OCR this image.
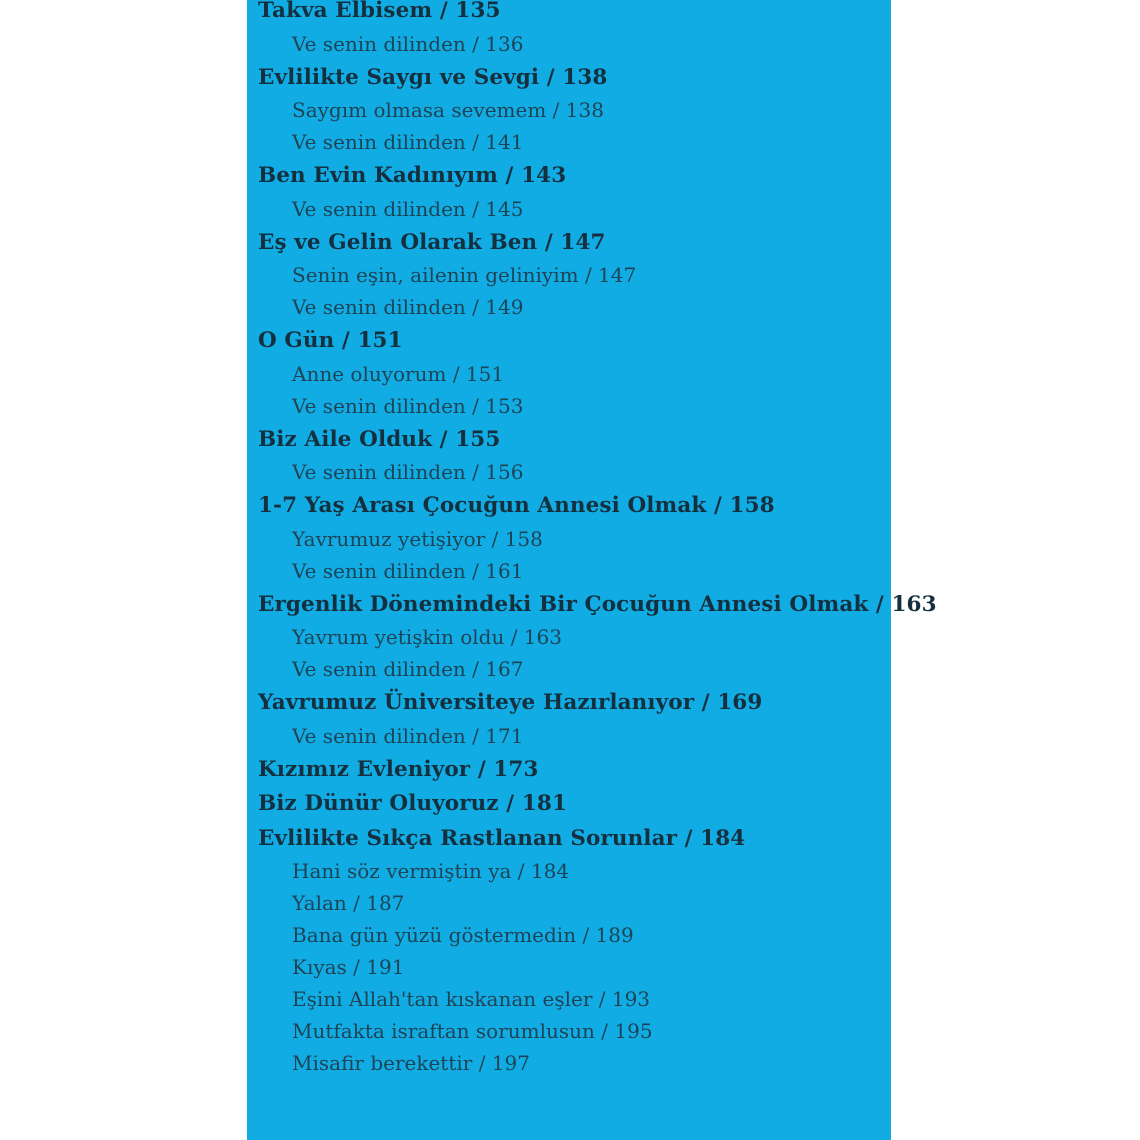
Takva Elbisem / 135
Ve senin dilinden / 136
Evlilikte Saygı ve Sevgi / 138
Saygım olmasa sevemem / 138
Ve senin dilinden / 141
Ben Evin Kadınıyım / 143
Ve senin dilinden / 145
Eş ve Gelin Olarak Ben / 147
Senin eşin, ailenin geliniyim / 147
Ve senin dilinden / 149
O Gün / 151
Anne oluyorum / 151
Ve senin dilinden / 153
Biz Aile Olduk / 155
Ve senin dilinden / 156
1-7 Yaş Arası Çocuğun Annesi Olmak / 158
Yavrumuz yetişiyor / 158
Ve senin dilinden / 161
Ergenlik Dönemindeki Bir Çocuğun Annesi Olmak / 163
Yavrum yetişkin oldu / 163
Ve senin dilinden / 167
Yavrumuz Üniversiteye Hazırlanıyor / 169
Ve senin dilinden / 171
Kızımız Evleniyor / 173
Biz Dünür Oluyoruz / 181
Evlilikte Sıkça Rastlanan Sorunlar / 184
Hani söz vermiştin ya / 184
Yalan / 187
Bana gün yüzü göstermedin / 189
Kıyas / 191
Eşini Allah'tan kıskanan eşler / 193
Mutfakta israftan sorumlusun / 195
Misafir berekettir / 197
